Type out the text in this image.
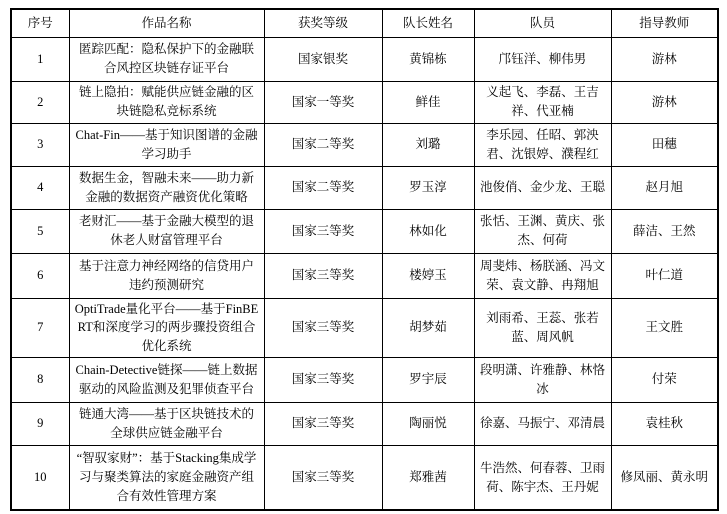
序号	作品名称	获奖等级	队长姓名	队员	指导教师
1	匿踪匹配：隐私保护下的金融联合风控区块链存证平台	国家银奖	黄锦栋	邝钰洋、柳伟男	游林
2	链上隐拍：赋能供应链金融的区块链隐私竞标系统	国家一等奖	鲜佳	义起飞、李磊、王吉祥、代亚楠	游林
3	Chat-Fin——基于知识图谱的金融学习助手	国家二等奖	刘璐	李乐园、任昭、郭泱君、沈银婷、濮程红	田穗
4	数据生金，智融未来——助力新金融的数据资产融资优化策略	国家二等奖	罗玉淳	池俊俏、金少龙、王聪	赵月旭
5	老财汇——基于金融大模型的退休老人财富管理平台	国家三等奖	林如化	张恬、王渊、黄庆、张杰、何荷	薛洁、王然
6	基于注意力神经网络的信贷用户违约预测研究	国家三等奖	楼婷玉	周斐炜、杨朕涵、冯文荣、袁文静、冉翔旭	叶仁道
7	OptiTrade量化平台——基于FinBERT和深度学习的两步骤投资组合优化系统	国家三等奖	胡梦茹	刘雨希、王蕊、张若蓝、周风帆	王文胜
8	Chain-Detective链探——链上数据驱动的风险监测及犯罪侦查平台	国家三等奖	罗宇辰	段明潇、许雅静、林恪冰	付荣
9	链通大湾——基于区块链技术的全球供应链金融平台	国家三等奖	陶丽悦	徐嘉、马振宁、邓清晨	袁桂秋
10	“智驭家财”：基于Stacking集成学习与聚类算法的家庭金融资产组合有效性管理方案	国家三等奖	郑雅茜	牛浩然、何春蓉、卫雨荷、陈宇杰、王丹妮	修凤丽、黄永明
